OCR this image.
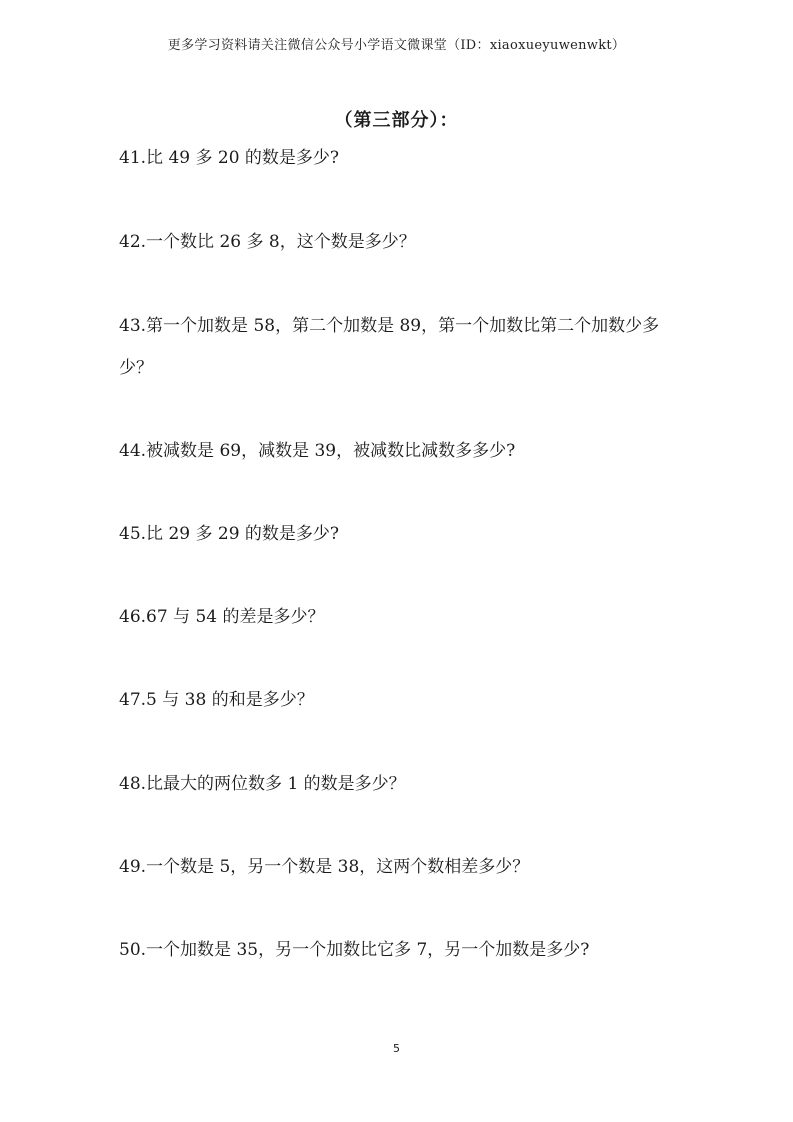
更多学习资料请关注微信公众号小学语文微课堂（ID：xiaoxueyuwenwkt）
（第三部分）：

41.比 49 多 20 的数是多少?

42.一个数比 26 多 8，这个数是多少？

43.第一个加数是 58，第二个加数是 89，第一个加数比第二个加数少多少？

44.被减数是 69，减数是 39，被减数比减数多多少?

45.比 29 多 29 的数是多少?

46.67 与 54 的差是多少？

47.5 与 38 的和是多少？

48.比最大的两位数多 1 的数是多少？

49.一个数是 5，另一个数是 38，这两个数相差多少？

50.一个加数是 35，另一个加数比它多 7，另一个加数是多少?

5
